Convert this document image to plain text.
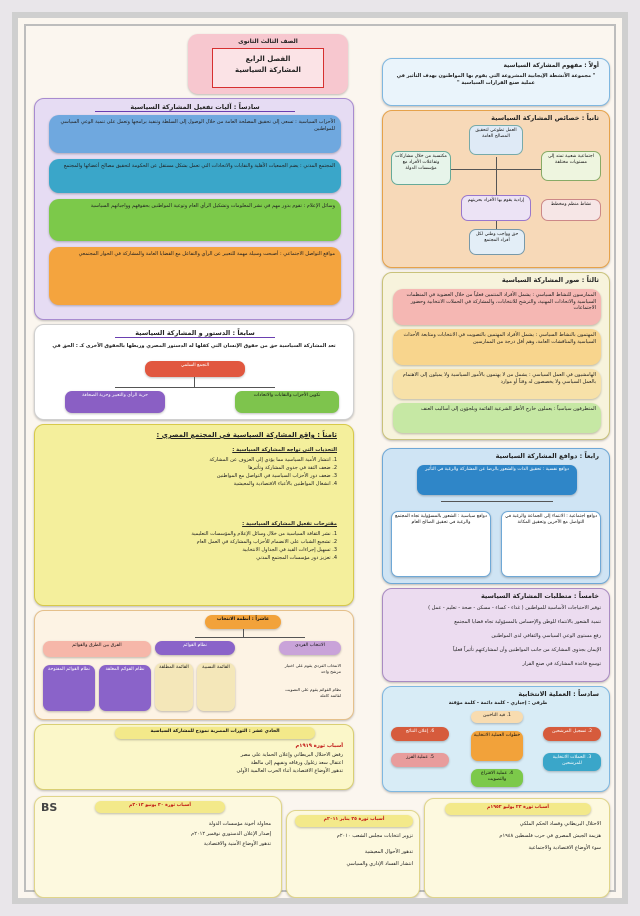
الصف الثالث الثانوى
الفصل الرابع
المشاركة السياسية
أولاً : مفهوم المشاركة السياسية
" مجموعة الأنشطة الإيجابية المشروعة التي يقوم بها المواطنون بهدف التأثير في عملية صنع القرارات السياسية "
ثانياً : خصائص المشاركة السياسية
العمل تطوعي لتحقيق المصالح العامة
اجتماعية شعبية تمتد إلى مستويات مختلفة
مكتسبة من خلال مشاركات وتفاعلات الأفراد مع مؤسسات الدولة
نشاط منظم ومخطط
إرادية يقوم بها الأفراد بحريتهم
حق وواجب وطني لكل أفراد المجتمع
سادساً : آليات تفعيل المشاركة السياسية
الأحزاب السياسية : تسعى إلى تحقيق المصلحة العامة من خلال الوصول إلى السلطة وتنفيذ برامجها وتعمل على تنمية الوعي السياسي للمواطنين
المجتمع المدني : يضم الجمعيات الأهلية والنقابات والاتحادات التي تعمل بشكل مستقل عن الحكومة لتحقيق مصالح أعضائها والمجتمع
وسائل الإعلام : تقوم بدور مهم في نشر المعلومات وتشكيل الرأي العام وتوعية المواطنين بحقوقهم وواجباتهم السياسية
مواقع التواصل الاجتماعي : أصبحت وسيلة مهمة للتعبير عن الرأي والتفاعل مع القضايا العامة والمشاركة في الحوار المجتمعي
ثالثاً : صور المشاركة السياسية
الممارسون للنشاط السياسي : يشمل الأفراد المنتمين فعلياً من خلال العضوية في المنظمات السياسية والاتحادات المهنية، والترشح للانتخابات، والمشاركة في الحملات الانتخابية وحضور الاجتماعات
المهتمون بالنشاط السياسي : يشمل الأفراد المهتمين بالتصويت في الانتخابات ومتابعة الأحداث السياسية والمناقشات العامة، وهم أقل درجة من الممارسين
الهامشيون في العمل السياسي : يشمل من لا يهتمون بالأمور السياسية ولا يميلون إلى الاهتمام بالعمل السياسي ولا يخصصون له وقتاً أو موارد
المتطرفون سياسياً : يعملون خارج الأطر الشرعية القائمة ويلجؤون إلى أساليب العنف
سابعاً : الدستور و المشاركة السياسية
تعد المشاركة السياسية حق من حقوق الإنسان التي كفلها له الدستور المصري وربطها بالحقوق الأخرى كـ : الحق في
التجمع السلمي
تكوين الأحزاب والنقابات والاتحادات
حرية الرأي والتعبير وحرية الصحافة
ثامناً : واقع المشاركة السياسية في المجتمع المصري :
التحديات التى تواجه المشاركة السياسية :
1. انتشار الأمية السياسية مما يؤدي إلى العزوف عن المشاركة
2. ضعف الثقة في جدوى المشاركة وتأثيرها
3. ضعف دور الأحزاب السياسية في التواصل مع المواطنين
4. انشغال المواطنين بالأعباء الاقتصادية والمعيشية
مقترحات تفعيل المشاركة السياسية :
1. نشر الثقافة السياسية من خلال وسائل الإعلام والمؤسسات التعليمية
2. تشجيع الشباب على الانضمام للأحزاب والمشاركة في العمل العام
3. تسهيل إجراءات القيد في الجداول الانتخابية
4. تعزيز دور مؤسسات المجتمع المدني
رابعاً : دوافع المشاركة السياسية
دوافع نفسية : تحقيق الذات والشعور بالرضا عن المشاركة والرغبة في التأثير
دوافع سياسية : الشعور بالمسؤولية تجاه المجتمع والرغبة في تحقيق الصالح العام
دوافع اجتماعية : الانتماء إلى الجماعة والرغبة في التواصل مع الآخرين وتحقيق المكانة
خامساً : متطلبات المشاركة السياسية
توفير الاحتياجات الأساسية للمواطنين ( غذاء - كساء - مسكن - صحة - تعليم - عمل )
تنمية الشعور بالانتماء للوطن والإحساس بالمسؤولية تجاه قضايا المجتمع
رفع مستوى الوعي السياسي والثقافي لدى المواطنين
الإيمان بجدوى المشاركة من جانب المواطنين وأن لمشاركتهم تأثيراً فعلياً
توسيع قاعدة المشاركة في صنع القرار
عاشراً : أنظمة الانتخاب
الانتخاب الفردي
نظام القوائم
القائمة المطلقة	القائمة النسبية
نظام القوائم المغلقة
نظام القوائم المفتوحة
الفرق بين الطرق والقوائم
الانتخاب الفردي يقوم على اختيار مرشح واحد
نظام القوائم يقوم على التصويت لقائمة كاملة	سادساً : العملية الانتخابية
طرفي : إجباري - كلمة دائمة - كلمة مؤقتة
خطوات العملية الانتخابية
1. قيد الناخبين
2. تسجيل المرشحين
3. الحملات الانتخابية للمرشحين
4. عملية الاقتراع والتصويت
5. عملية الفرز
6. إعلان النتائج
الحادي عشر : الثورات المصرية نموذج للمشاركة السياسية
أسباب ثورة ١٩١٩م
رفض الاحتلال البريطاني وإعلان الحماية على مصر
اعتقال سعد زغلول ورفاقه ونفيهم إلى مالطة
تدهور الأوضاع الاقتصادية أثناء الحرب العالمية الأولى
BS	أسباب ثورة ٣٠ يونيو ٢٠١٣م
محاولة أخونة مؤسسات الدولة
إصدار الإعلان الدستوري نوفمبر ٢٠١٢م
تدهور الأوضاع الأمنية والاقتصادية
أسباب ثورة ٢٥ يناير ٢٠١١م
تزوير انتخابات مجلس الشعب ٢٠١٠م
تدهور الأحوال المعيشية
انتشار الفساد الإداري والسياسي
أسباب ثورة ٢٣ يوليو ١٩٥٢م
الاحتلال البريطاني وفساد الحكم الملكي
هزيمة الجيش المصري في حرب فلسطين ١٩٤٨م
سوء الأوضاع الاقتصادية والاجتماعية
